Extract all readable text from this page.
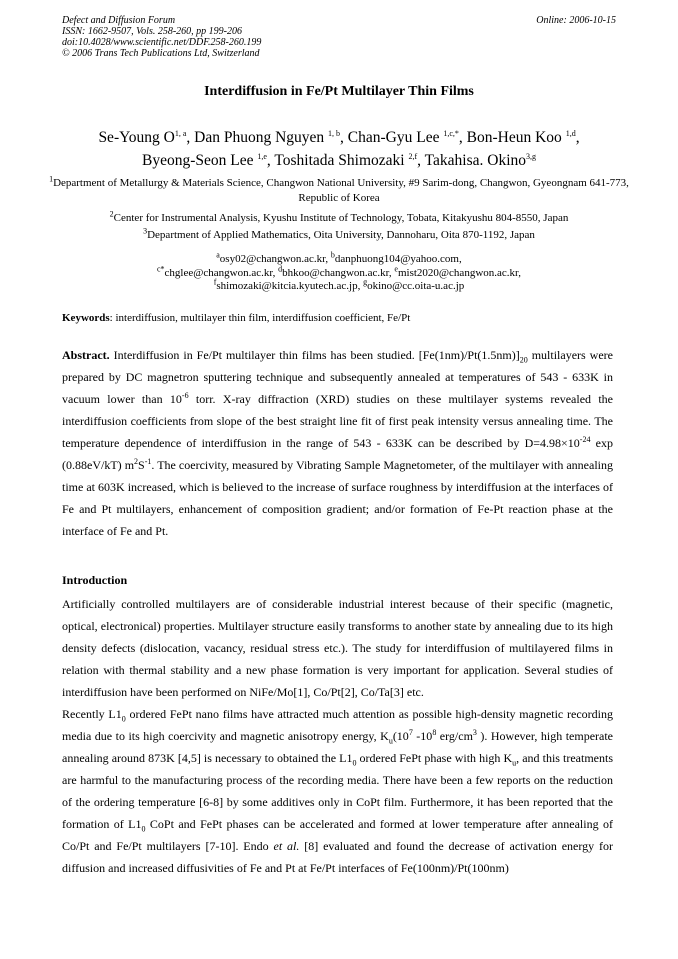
Defect and Diffusion Forum
ISSN: 1662-9507, Vols. 258-260, pp 199-206
doi:10.4028/www.scientific.net/DDF.258-260.199
© 2006 Trans Tech Publications Ltd, Switzerland
Online: 2006-10-15
Interdiffusion in Fe/Pt Multilayer Thin Films
Se-Young O$^{1, a}$, Dan Phuong Nguyen $^{1, b}$, Chan-Gyu Lee $^{1,c,*}$, Bon-Heun Koo $^{1,d}$,
Byeong-Seon Lee $^{1,e}$, Toshitada Shimozaki $^{2,f}$, Takahisa. Okino$^{3,g}$

$^1$Department of Metallurgy & Materials Science, Changwon National University, #9 Sarim-dong, Changwon, Gyeongnam 641-773, Republic of Korea

$^2$Center for Instrumental Analysis, Kyushu Institute of Technology, Tobata, Kitakyushu 804-8550, Japan

$^3$Department of Applied Mathematics, Oita University, Dannoharu, Oita 870-1192, Japan

$^a$osy02@changwon.ac.kr, $^b$danphuong104@yahoo.com,
$^{c*}$chglee@changwon.ac.kr, $^d$bhkoo@changwon.ac.kr, $^e$mist2020@changwon.ac.kr,
$^f$shimozaki@kitcia.kyutech.ac.jp, $^g$okino@cc.oita-u.ac.jp
Keywords: interdiffusion, multilayer thin film, interdiffusion coefficient, Fe/Pt
Abstract. Interdiffusion in Fe/Pt multilayer thin films has been studied. $[Fe(1nm)/Pt(1.5nm)]_{20}$ multilayers were prepared by DC magnetron sputtering technique and subsequently annealed at temperatures of 543 - 633K in vacuum lower than $10^{-6}$ torr. X-ray diffraction (XRD) studies on these multilayer systems revealed the interdiffusion coefficients from slope of the best straight line fit of first peak intensity versus annealing time. The temperature dependence of interdiffusion in the range of 543 - 633K can be described by $D=4.98\times 10^{-24}$ exp (0.88eV/kT) $m^2S^{-1}$. The coercivity, measured by Vibrating Sample Magnetometer, of the multilayer with annealing time at 603K increased, which is believed to the increase of surface roughness by interdiffusion at the interfaces of Fe and Pt multilayers, enhancement of composition gradient; and/or formation of Fe-Pt reaction phase at the interface of Fe and Pt.
Introduction

Artificially controlled multilayers are of considerable industrial interest because of their specific (magnetic, optical, electronical) properties. Multilayer structure easily transforms to another state by annealing due to its high density defects (dislocation, vacancy, residual stress etc.). The study for interdiffusion of multilayered films in relation with thermal stability and a new phase formation is very important for application. Several studies of interdiffusion have been performed on NiFe/Mo[1], Co/Pt[2], Co/Ta[3] etc.

Recently $L1_0$ ordered FePt nano films have attracted much attention as possible high-density magnetic recording media due to its high coercivity and magnetic anisotropy energy, $K_u(10^7$ $-10^8$ erg/$cm^3$ ). However, high temperate annealing around 873K [4,5] is necessary to obtained the $L1_0$ ordered FePt phase with high $K_u$, and this treatments are harmful to the manufacturing process of the recording media. There have been a few reports on the reduction of the ordering temperature [6-8] by some additives only in CoPt film. Furthermore, it has been reported that the formation of $L1_0$ CoPt and FePt phases can be accelerated and formed at lower temperature after annealing of Co/Pt and Fe/Pt multilayers [7-10]. Endo et al. [8] evaluated and found the decrease of activation energy for diffusion and increased diffusivities of Fe and Pt at Fe/Pt interfaces of Fe(100nm)/Pt(100nm)
